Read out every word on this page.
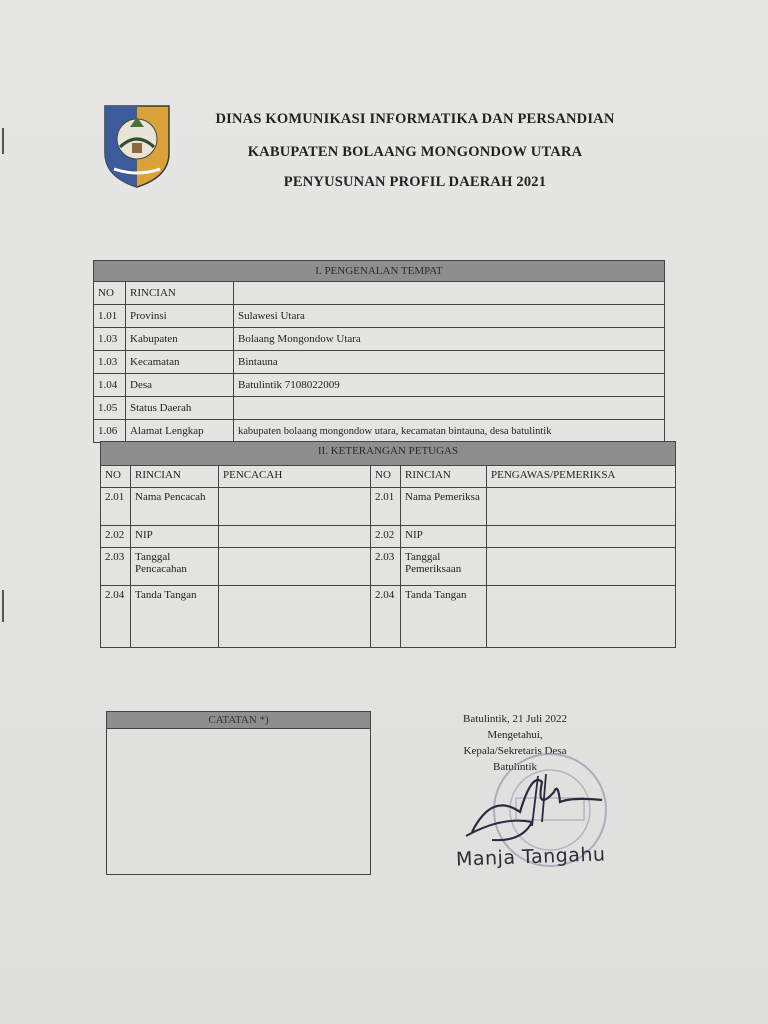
DINAS KOMUNIKASI INFORMATIKA DAN PERSANDIAN
KABUPATEN BOLAANG MONGONDOW UTARA
PENYUSUNAN PROFIL DAERAH 2021
I. PENGENALAN TEMPAT		
NO	RINCIAN	
1.01	Provinsi	Sulawesi Utara
1.03	Kabupaten	Bolaang Mongondow Utara
1.03	Kecamatan	Bintauna
1.04	Desa	Batulintik 7108022009
1.05	Status Daerah	
1.06	Alamat Lengkap	kabupaten bolaang mongondow utara, kecamatan bintauna, desa batulintik
II. KETERANGAN PETUGAS					
NO	RINCIAN	PENCACAH	NO	RINCIAN	PENGAWAS/PEMERIKSA
2.01	Nama Pencacah		2.01	Nama Pemeriksa	
2.02	NIP		2.02	NIP	
2.03	Tanggal Pencacahan		2.03	Tanggal Pemeriksaan	
2.04	Tanda Tangan		2.04	Tanda Tangan	
CATATAN *)	Batulintik, 21 Juli 2022
Mengetahui,
Kepala/Sekretaris Desa
Batulintik
Manja Tangahu
